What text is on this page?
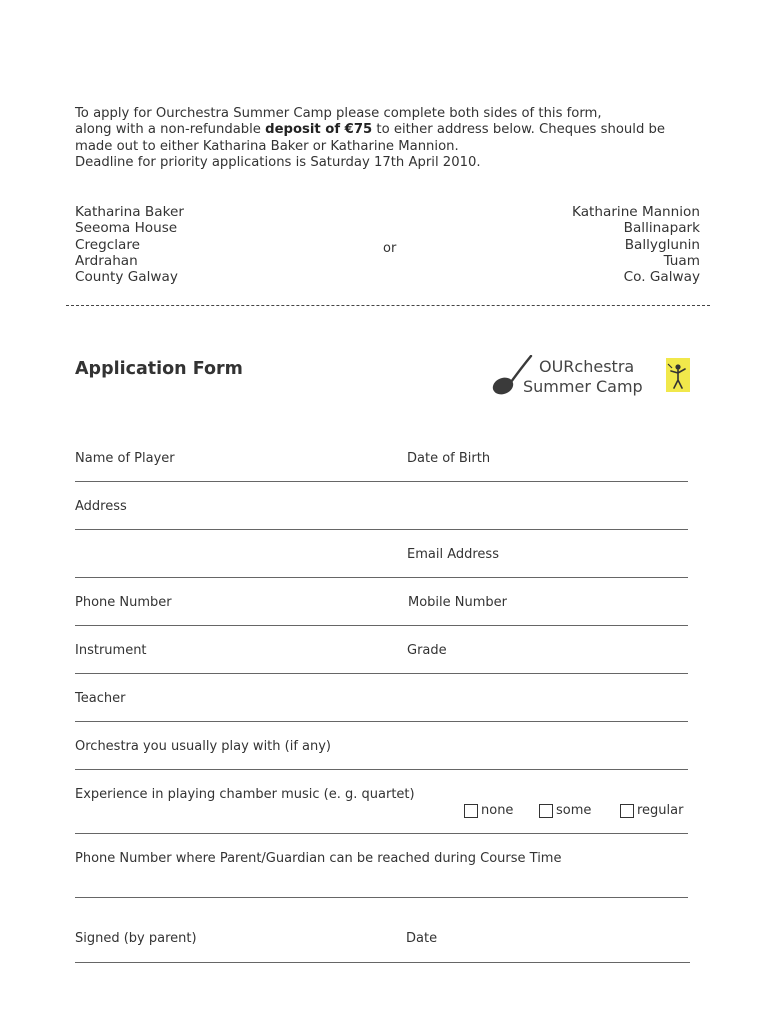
To apply for Ourchestra Summer Camp please complete both sides of this form,

along with a non-refundable deposit of €75 to either address below. Cheques should be

made out to either Katharina Baker or Katharine Mannion.

Deadline for priority applications is Saturday 17th April 2010.

Katharina Baker
Seeoma House
Cregclare
Ardrahan
County Galway
or
Katharine Mannion
Ballinapark
Ballyglunin
Tuam
Co. Galway
Application Form	OURchestra
Summer Camp
Name of Player	Date of Birth
Address
Email Address
Phone Number	Mobile Number
Instrument	Grade
Teacher
Orchestra you usually play with (if any)
Experience in playing chamber music (e. g. quartet)
none	some	regular
Phone Number where Parent/Guardian can be reached during Course Time
Signed (by parent)	Date
